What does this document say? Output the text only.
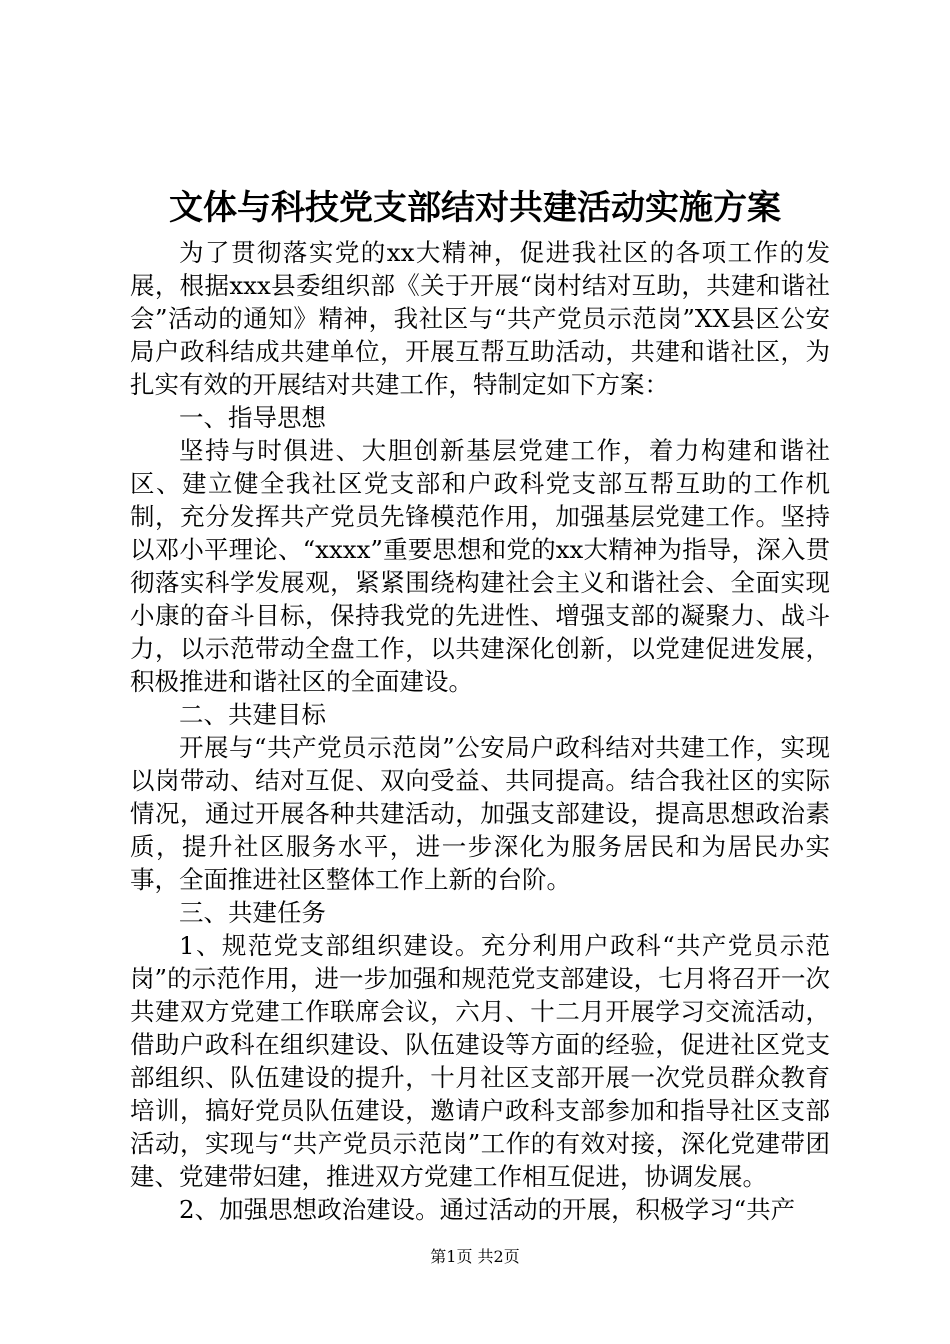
文体与科技党支部结对共建活动实施方案

为了贯彻落实党的xx大精神，促进我社区的各项工作的发展，根据xxx县委组织部《关于开展“岗村结对互助，共建和谐社会”活动的通知》精神，我社区与“共产党员示范岗”XX县区公安局户政科结成共建单位，开展互帮互助活动，共建和谐社区，为扎实有效的开展结对共建工作，特制定如下方案：

一、指导思想

坚持与时俱进、大胆创新基层党建工作，着力构建和谐社区、建立健全我社区党支部和户政科党支部互帮互助的工作机制，充分发挥共产党员先锋模范作用，加强基层党建工作。坚持以邓小平理论、“xxxx”重要思想和党的xx大精神为指导，深入贯彻落实科学发展观，紧紧围绕构建社会主义和谐社会、全面实现小康的奋斗目标，保持我党的先进性、增强支部的凝聚力、战斗力，以示范带动全盘工作，以共建深化创新，以党建促进发展，积极推进和谐社区的全面建设。

二、共建目标

开展与“共产党员示范岗”公安局户政科结对共建工作，实现以岗带动、结对互促、双向受益、共同提高。结合我社区的实际情况，通过开展各种共建活动，加强支部建设，提高思想政治素质，提升社区服务水平，进一步深化为服务居民和为居民办实事，全面推进社区整体工作上新的台阶。

三、共建任务

1、规范党支部组织建设。充分利用户政科“共产党员示范岗”的示范作用，进一步加强和规范党支部建设，七月将召开一次共建双方党建工作联席会议，六月、十二月开展学习交流活动，借助户政科在组织建设、队伍建设等方面的经验，促进社区党支部组织、队伍建设的提升，十月社区支部开展一次党员群众教育培训，搞好党员队伍建设，邀请户政科支部参加和指导社区支部活动，实现与“共产党员示范岗”工作的有效对接，深化党建带团建、党建带妇建，推进双方党建工作相互促进，协调发展。

2、加强思想政治建设。通过活动的开展，积极学习“共产

第1页 共2页
